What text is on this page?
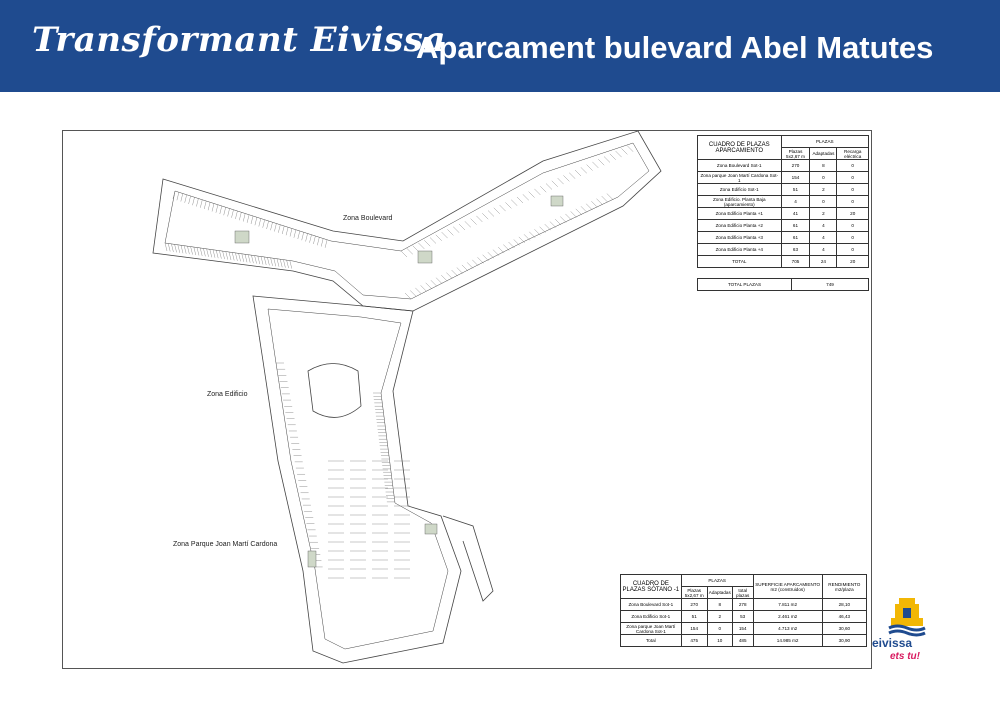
Transformant Eivissa
Aparcament bulevard Abel Matutes
Zona Boulevard
Zona Edificio
Zona Parque Joan Martí Cardona
CUADRO DE PLAZAS APARCAMIENTO	PLAZAS		
	Plazas 5x2,67 m	Adaptadas	Recarga eléctrica
Zona Boulevard Sot-1	270	8	0
Zona parque Joan Martí Cardona Sot-1	154	0	0
Zona Edificio Sot-1	51	2	0
Zona Edificio. Planta Baja (aparcamiento)	4	0	0
Zona Edificio Planta +1	41	2	20
Zona Edificio Planta +2	61	4	0
Zona Edificio Planta +3	61	4	0
Zona Edificio Planta +4	63	4	0
TOTAL	705	24	20
TOTAL PLAZAS	749
CUADRO DE PLAZAS SÓTANO -1	PLAZAS			SUPERFICIE APARCAMIENTO m2 (construidos)	RENDIMIENTO m2/plaza
	Plazas 5x2,67 m	Adaptadas	total plazas		
Zona Boulevard Sot-1	270	8	278	7.811 m2	28,10
Zona Edificio Sot-1	51	2	53	2.461 m2	46,43
Zona parque Joan Martí Cardona Sot-1	154	0	154	4.713 m2	30,60
Total	475	10	485	14.985 m2	30,90 eivissa
ets tu!
